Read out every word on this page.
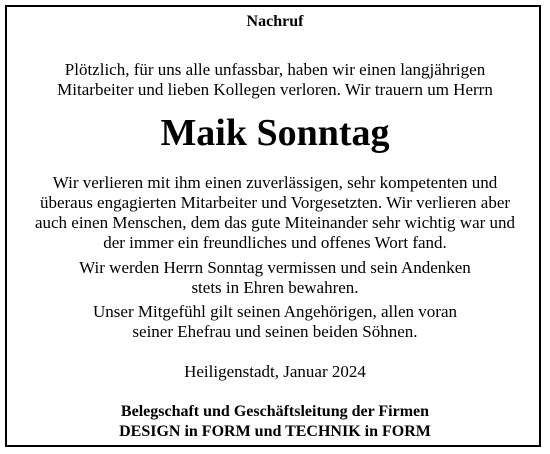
Nachruf
Plötzlich, für uns alle unfassbar, haben wir einen langjährigen
Mitarbeiter und lieben Kollegen verloren. Wir trauern um Herrn
Maik Sonntag
Wir verlieren mit ihm einen zuverlässigen, sehr kompetenten und
überaus engagierten Mitarbeiter und Vorgesetzten. Wir verlieren aber
auch einen Menschen, dem das gute Miteinander sehr wichtig war und
der immer ein freundliches und offenes Wort fand.
Wir werden Herrn Sonntag vermissen und sein Andenken
stets in Ehren bewahren.
Unser Mitgefühl gilt seinen Angehörigen, allen voran
seiner Ehefrau und seinen beiden Söhnen.
Heiligenstadt, Januar 2024
Belegschaft und Geschäftsleitung der Firmen
DESIGN in FORM und TECHNIK in FORM
